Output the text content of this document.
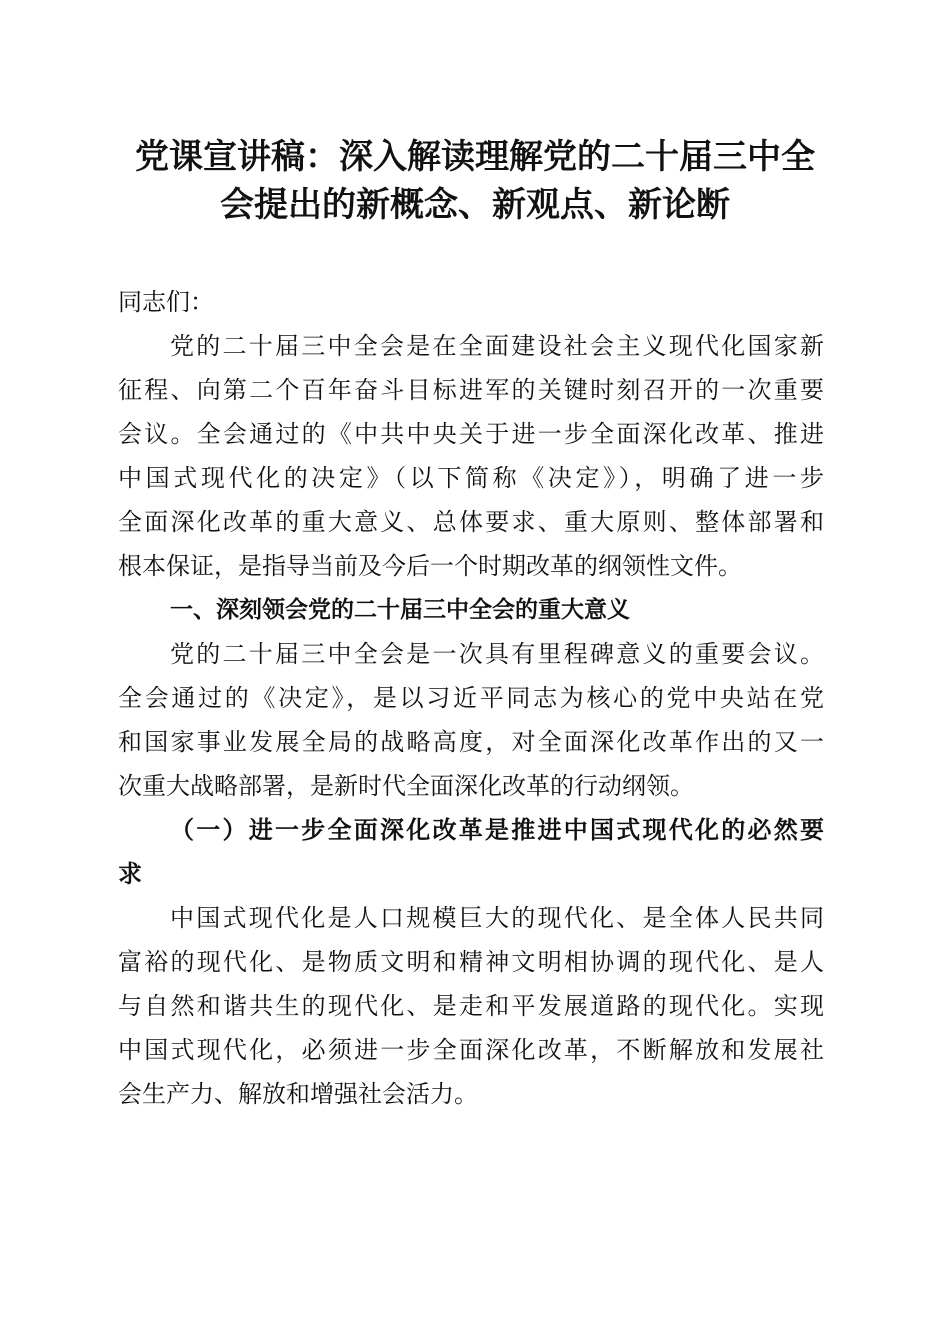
党课宣讲稿：深入解读理解党的二十届三中全
会提出的新概念、新观点、新论断
同志们：
党的二十届三中全会是在全面建设社会主义现代化国家新
征程、向第二个百年奋斗目标进军的关键时刻召开的一次重要
会议。全会通过的《中共中央关于进一步全面深化改革、推进
中国式现代化的决定》（以下简称《决定》），明确了进一步
全面深化改革的重大意义、总体要求、重大原则、整体部署和
根本保证，是指导当前及今后一个时期改革的纲领性文件。
一、深刻领会党的二十届三中全会的重大意义
党的二十届三中全会是一次具有里程碑意义的重要会议。
全会通过的《决定》，是以习近平同志为核心的党中央站在党
和国家事业发展全局的战略高度，对全面深化改革作出的又一
次重大战略部署，是新时代全面深化改革的行动纲领。
（一）进一步全面深化改革是推进中国式现代化的必然要
求
中国式现代化是人口规模巨大的现代化、是全体人民共同
富裕的现代化、是物质文明和精神文明相协调的现代化、是人
与自然和谐共生的现代化、是走和平发展道路的现代化。实现
中国式现代化，必须进一步全面深化改革，不断解放和发展社
会生产力、解放和增强社会活力。
